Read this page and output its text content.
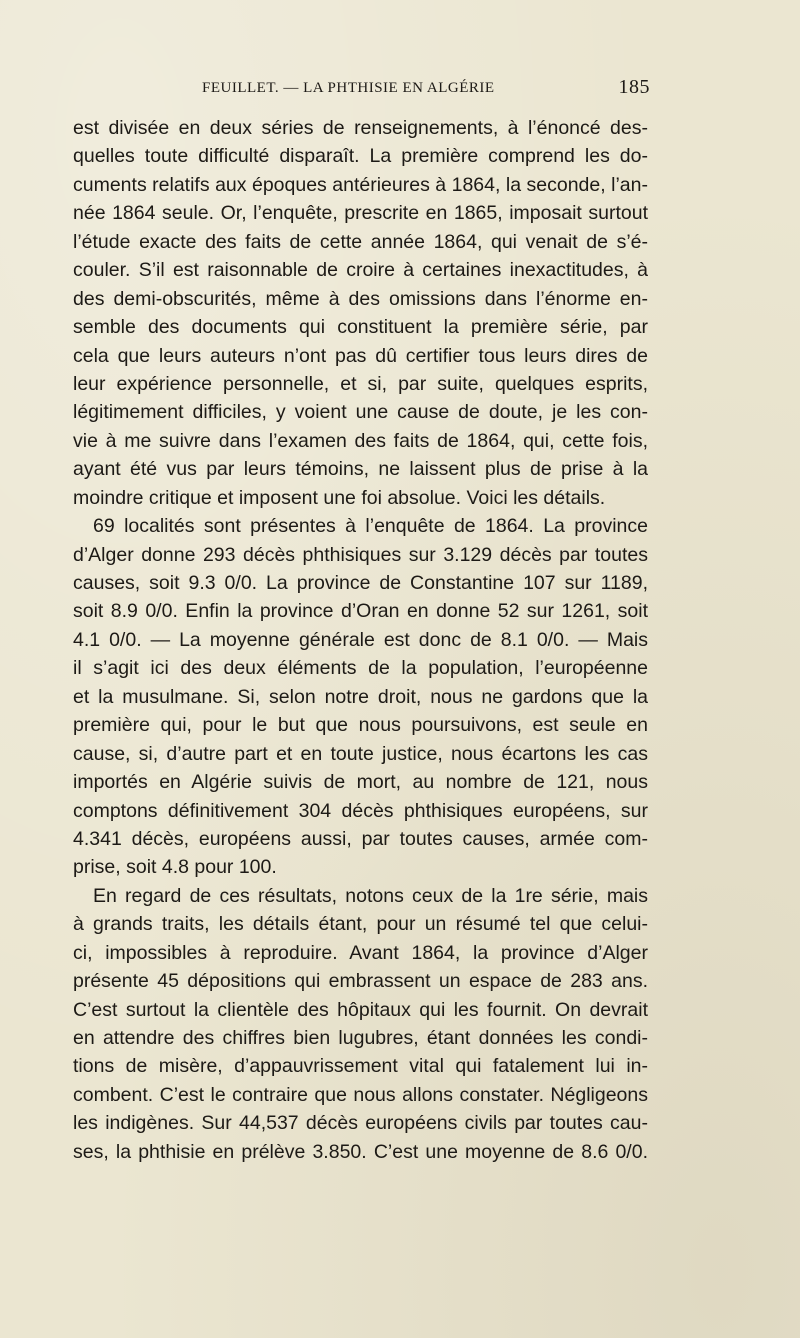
FEUILLET. — LA PHTHISIE EN ALGÉRIE	185
est divisée en deux séries de renseignements, à l’énoncé des-
quelles toute difficulté disparaît. La première comprend les do-
cuments relatifs aux époques antérieures à 1864, la seconde, l’an-
née 1864 seule. Or, l’enquête, prescrite en 1865, imposait surtout
l’étude exacte des faits de cette année 1864, qui venait de s’é-
couler. S’il est raisonnable de croire à certaines inexactitudes, à
des demi-obscurités, même à des omissions dans l’énorme en-
semble des documents qui constituent la première série, par
cela que leurs auteurs n’ont pas dû certifier tous leurs dires de
leur expérience personnelle, et si, par suite, quelques esprits,
légitimement difficiles, y voient une cause de doute, je les con-
vie à me suivre dans l’examen des faits de 1864, qui, cette fois,
ayant été vus par leurs témoins, ne laissent plus de prise à la
moindre critique et imposent une foi absolue. Voici les détails.
69 localités sont présentes à l’enquête de 1864. La province
d’Alger donne 293 décès phthisiques sur 3.129 décès par toutes
causes, soit 9.3 0/0. La province de Constantine 107 sur 1189,
soit 8.9 0/0. Enfin la province d’Oran en donne 52 sur 1261, soit
4.1 0/0. — La moyenne générale est donc de 8.1 0/0. — Mais
il s’agit ici des deux éléments de la population, l’européenne
et la musulmane. Si, selon notre droit, nous ne gardons que la
première qui, pour le but que nous poursuivons, est seule en
cause, si, d’autre part et en toute justice, nous écartons les cas
importés en Algérie suivis de mort, au nombre de 121, nous
comptons définitivement 304 décès phthisiques européens, sur
4.341 décès, européens aussi, par toutes causes, armée com-
prise, soit 4.8 pour 100.
En regard de ces résultats, notons ceux de la 1re série, mais
à grands traits, les détails étant, pour un résumé tel que celui-
ci, impossibles à reproduire. Avant 1864, la province d’Alger
présente 45 dépositions qui embrassent un espace de 283 ans.
C’est surtout la clientèle des hôpitaux qui les fournit. On devrait
en attendre des chiffres bien lugubres, étant données les condi-
tions de misère, d’appauvrissement vital qui fatalement lui in-
combent. C’est le contraire que nous allons constater. Négligeons
les indigènes. Sur 44,537 décès européens civils par toutes cau-
ses, la phthisie en prélève 3.850. C’est une moyenne de 8.6 0/0.
